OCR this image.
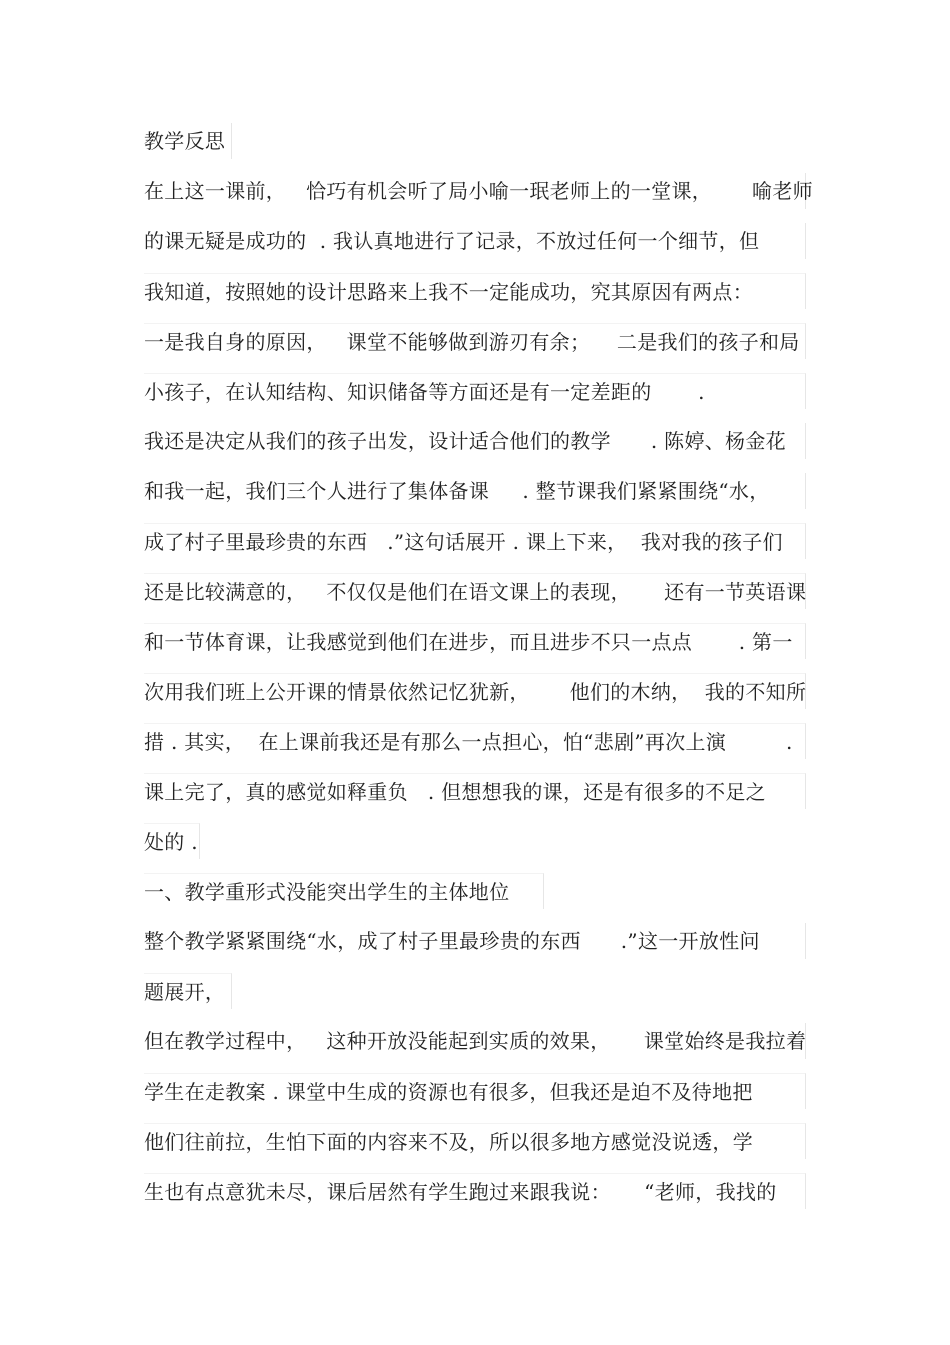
教学反思
在上这一课前，   恰巧有机会听了局小喻一珉老师上的一堂课，      喻老师
的课无疑是成功的  . 我认真地进行了记录，不放过任何一个细节，但
我知道，按照她的设计思路来上我不一定能成功，究其原因有两点：
一是我自身的原因，   课堂不能够做到游刃有余；    二是我们的孩子和局
小孩子，在认知结构、知识储备等方面还是有一定差距的       .
我还是决定从我们的孩子出发，设计适合他们的教学      . 陈婷、杨金花
和我一起，我们三个人进行了集体备课     . 整节课我们紧紧围绕“水，
成了村子里最珍贵的东西   .”这句话展开 . 课上下来，  我对我的孩子们
还是比较满意的，   不仅仅是他们在语文课上的表现，     还有一节英语课
和一节体育课，让我感觉到他们在进步，而且进步不只一点点       . 第一
次用我们班上公开课的情景依然记忆犹新，      他们的木纳，  我的不知所
措 . 其实，  在上课前我还是有那么一点担心，怕“悲剧”再次上演         .
课上完了，真的感觉如释重负   . 但想想我的课，还是有很多的不足之
处的 .
一、教学重形式没能突出学生的主体地位
整个教学紧紧围绕“水，成了村子里最珍贵的东西      .”这一开放性问
题展开，
但在教学过程中，   这种开放没能起到实质的效果，     课堂始终是我拉着
学生在走教案 . 课堂中生成的资源也有很多，但我还是迫不及待地把
他们往前拉，生怕下面的内容来不及，所以很多地方感觉没说透，学
生也有点意犹未尽，课后居然有学生跑过来跟我说：     “老师，我找的
